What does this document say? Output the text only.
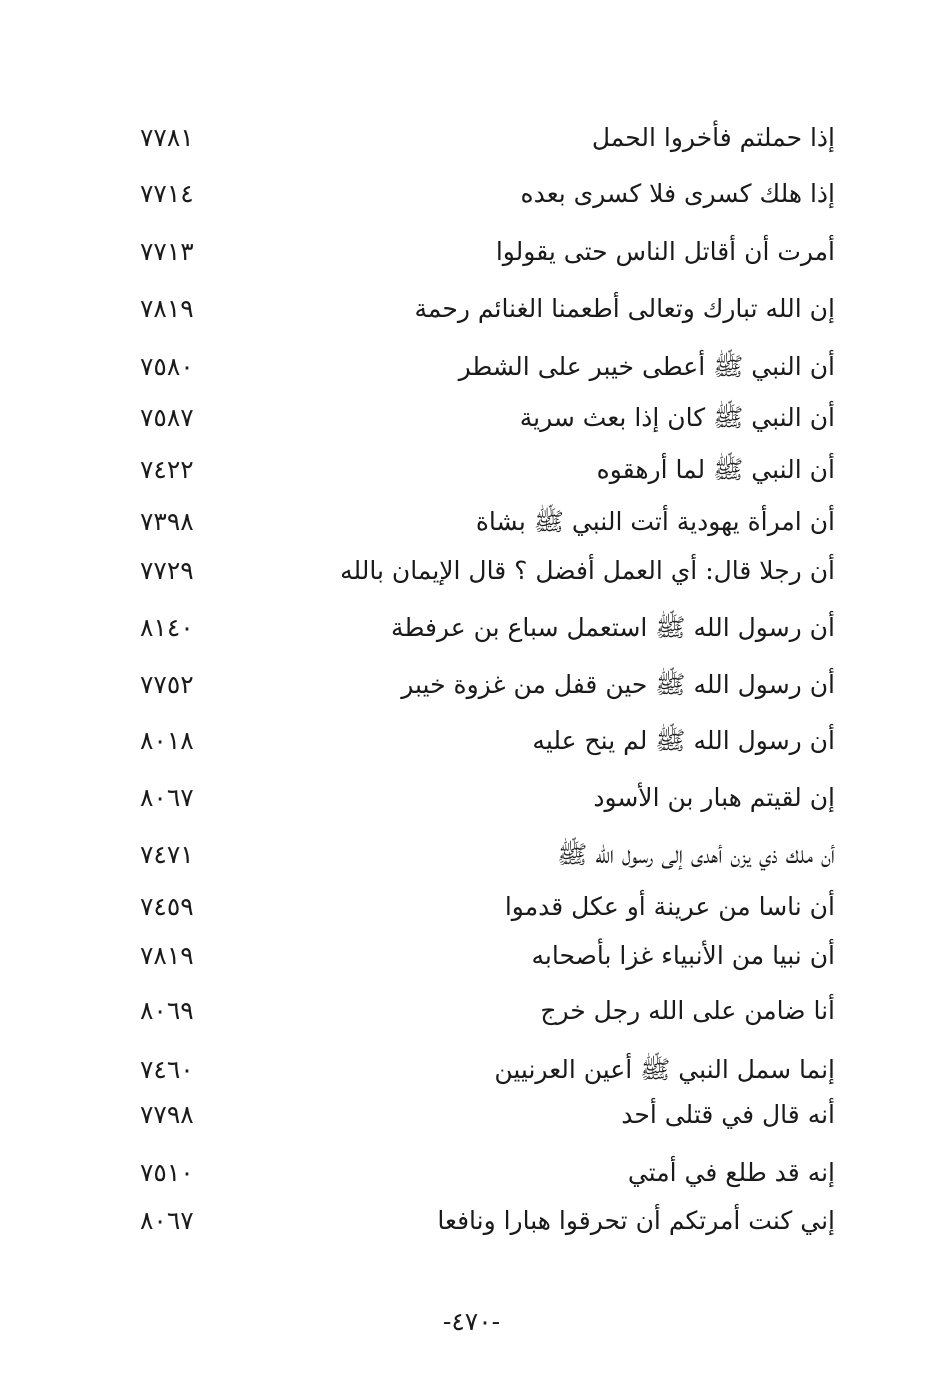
إذا حملتم فأخروا الحمل
٧٧٨١
إذا هلك كسرى فلا كسرى بعده
٧٧١٤
أمرت أن أقاتل الناس حتى يقولوا
٧٧١٣
إن الله تبارك وتعالى أطعمنا الغنائم رحمة
٧٨١٩
أن النبي ﷺ أعطى خيبر على الشطر
٧٥٨٠
أن النبي ﷺ كان إذا بعث سرية
٧٥٨٧
أن النبي ﷺ لما أرهقوه
٧٤٢٢
أن امرأة يهودية أتت النبي ﷺ بشاة
٧٣٩٨
أن رجلا قال: أي العمل أفضل ؟ قال الإيمان بالله
٧٧٢٩
أن رسول الله ﷺ استعمل سباع بن عرفطة
٨١٤٠
أن رسول الله ﷺ حين قفل من غزوة خيبر
٧٧٥٢
أن رسول الله ﷺ لم ينح عليه
٨٠١٨
إن لقيتم هبار بن الأسود
٨٠٦٧
أن ملك ذي يزن أهدى إلى رسول الله ﷺ
٧٤٧١
أن ناسا من عرينة أو عكل قدموا
٧٤٥٩
أن نبيا من الأنبياء غزا بأصحابه
٧٨١٩
أنا ضامن على الله رجل خرج
٨٠٦٩
إنما سمل النبي ﷺ أعين العرنيين
٧٤٦٠
أنه قال في قتلى أحد
٧٧٩٨
إنه قد طلع في أمتي
٧٥١٠
إني كنت أمرتكم أن تحرقوا هبارا ونافعا
٨٠٦٧
-٤٧٠-
